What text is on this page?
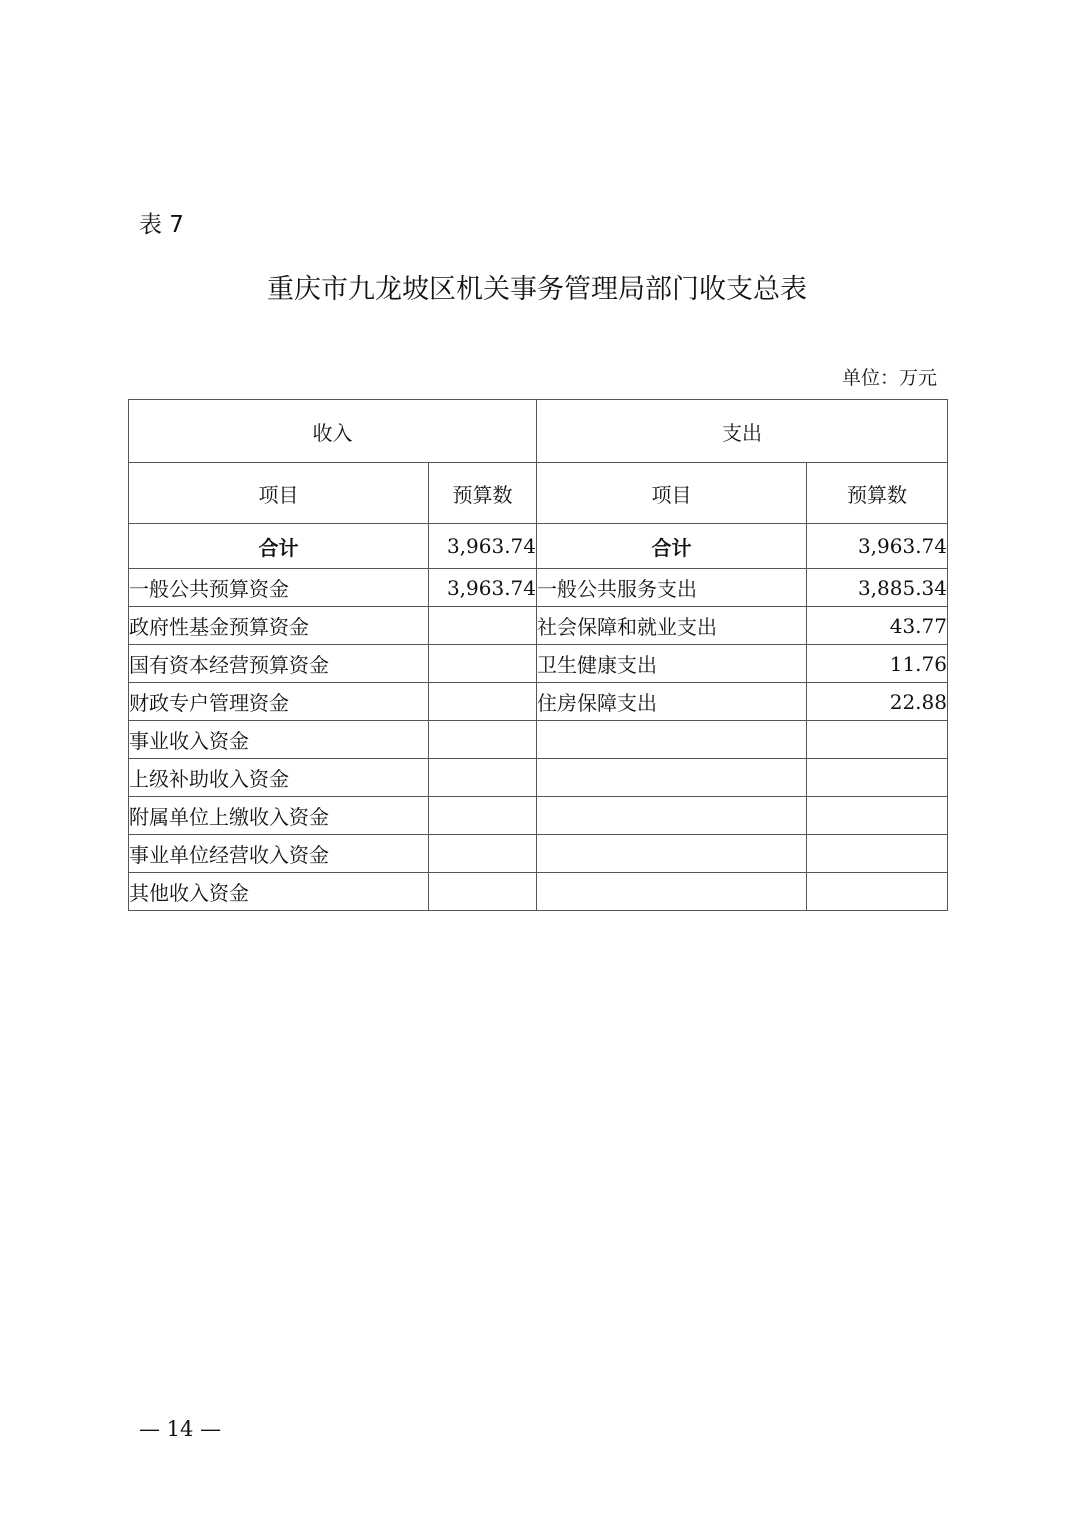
表 7
重庆市九龙坡区机关事务管理局部门收支总表
单位：万元
收入		支出	
项目	预算数	项目	预算数
合计	3,963.74	合计	3,963.74
一般公共预算资金	3,963.74	一般公共服务支出	3,885.34
政府性基金预算资金		社会保障和就业支出	43.77
国有资本经营预算资金		卫生健康支出	11.76
财政专户管理资金		住房保障支出	22.88
事业收入资金			
上级补助收入资金			
附属单位上缴收入资金			
事业单位经营收入资金			
其他收入资金			
— 14 —
